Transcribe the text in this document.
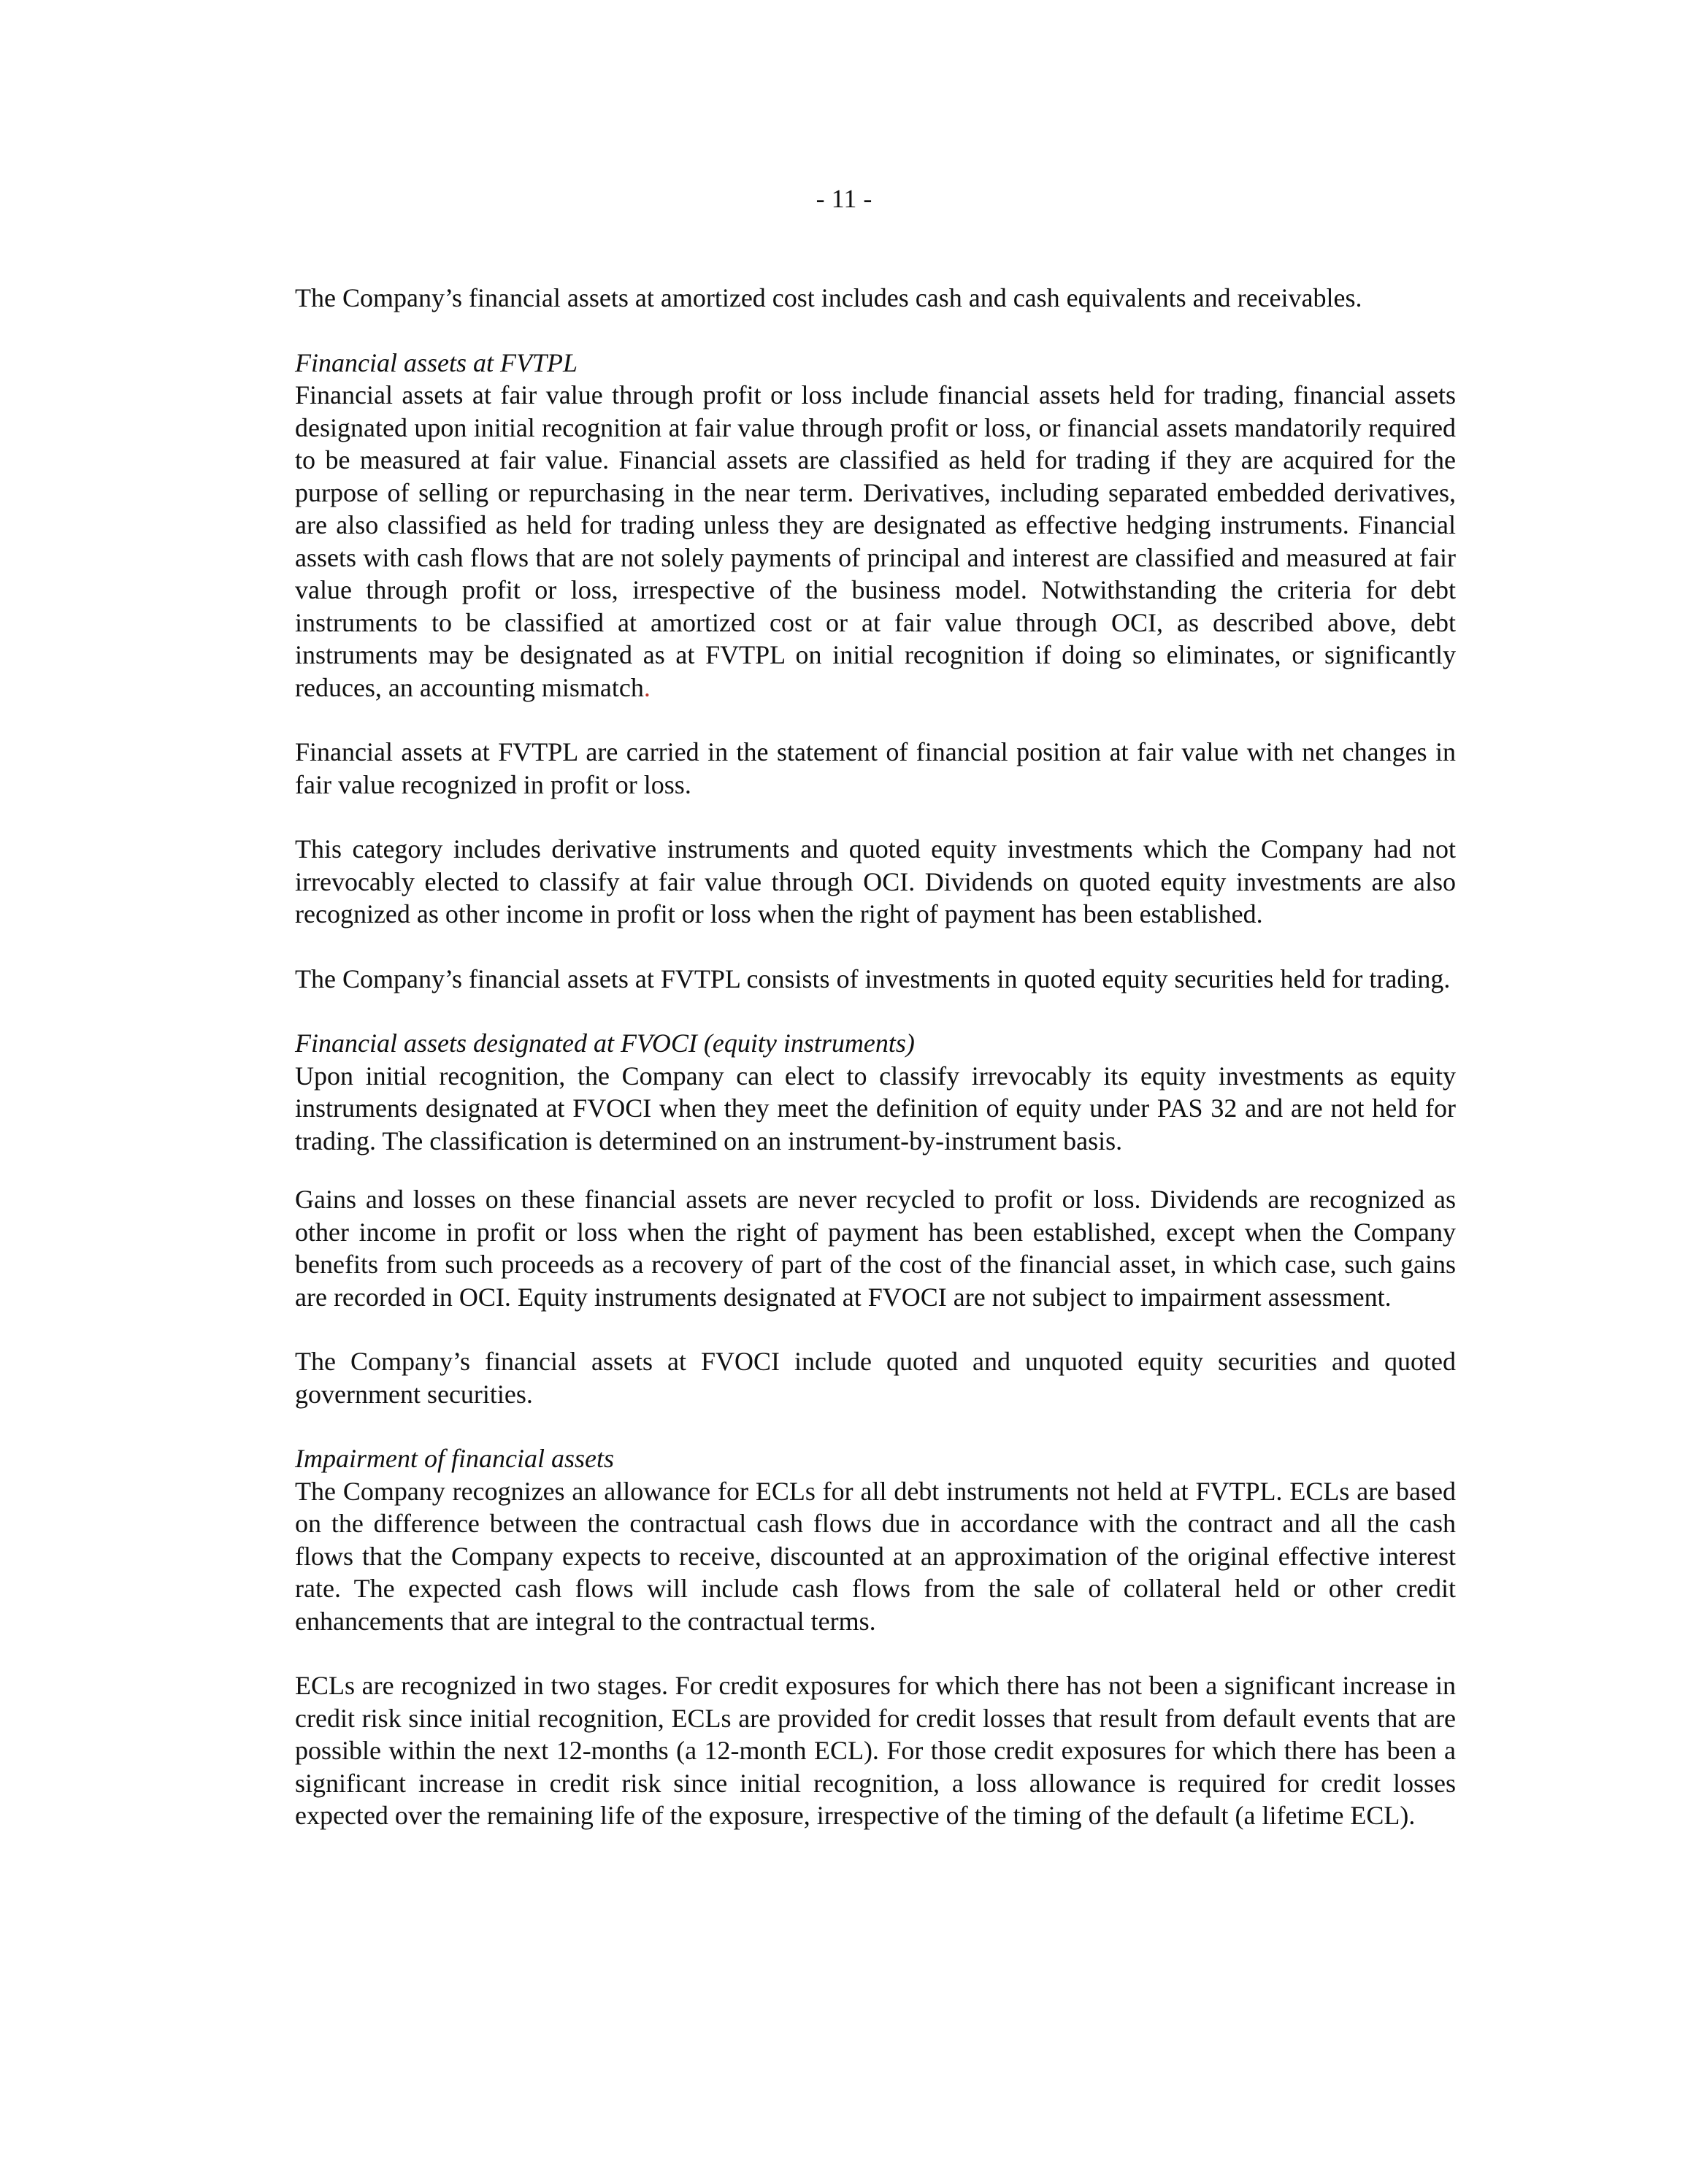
- 11 -

The Company’s financial assets at amortized cost includes cash and cash equivalents and receivables.

Financial assets at FVTPL

Financial assets at fair value through profit or loss include financial assets held for trading, financial assets designated upon initial recognition at fair value through profit or loss, or financial assets mandatorily required to be measured at fair value. Financial assets are classified as held for trading if they are acquired for the purpose of selling or repurchasing in the near term. Derivatives, including separated embedded derivatives, are also classified as held for trading unless they are designated as effective hedging instruments. Financial assets with cash flows that are not solely payments of principal and interest are classified and measured at fair value through profit or loss, irrespective of the business model. Notwithstanding the criteria for debt instruments to be classified at amortized cost or at fair value through OCI, as described above, debt instruments may be designated as at FVTPL on initial recognition if doing so eliminates, or significantly reduces, an accounting mismatch.

Financial assets at FVTPL are carried in the statement of financial position at fair value with net changes in fair value recognized in profit or loss.

This category includes derivative instruments and quoted equity investments which the Company had not irrevocably elected to classify at fair value through OCI. Dividends on quoted equity investments are also recognized as other income in profit or loss when the right of payment has been established.

The Company’s financial assets at FVTPL consists of investments in quoted equity securities held for trading.

Financial assets designated at FVOCI (equity instruments)

Upon initial recognition, the Company can elect to classify irrevocably its equity investments as equity instruments designated at FVOCI when they meet the definition of equity under PAS 32 and are not held for trading. The classification is determined on an instrument-by-instrument basis.

Gains and losses on these financial assets are never recycled to profit or loss. Dividends are recognized as other income in profit or loss when the right of payment has been established, except when the Company benefits from such proceeds as a recovery of part of the cost of the financial asset, in which case, such gains are recorded in OCI. Equity instruments designated at FVOCI are not subject to impairment assessment.

The Company’s financial assets at FVOCI include quoted and unquoted equity securities and quoted government securities.

Impairment of financial assets

The Company recognizes an allowance for ECLs for all debt instruments not held at FVTPL. ECLs are based on the difference between the contractual cash flows due in accordance with the contract and all the cash flows that the Company expects to receive, discounted at an approximation of the original effective interest rate. The expected cash flows will include cash flows from the sale of collateral held or other credit enhancements that are integral to the contractual terms.

ECLs are recognized in two stages. For credit exposures for which there has not been a significant increase in credit risk since initial recognition, ECLs are provided for credit losses that result from default events that are possible within the next 12-months (a 12-month ECL). For those credit exposures for which there has been a significant increase in credit risk since initial recognition, a loss allowance is required for credit losses expected over the remaining life of the exposure, irrespective of the timing of the default (a lifetime ECL).
